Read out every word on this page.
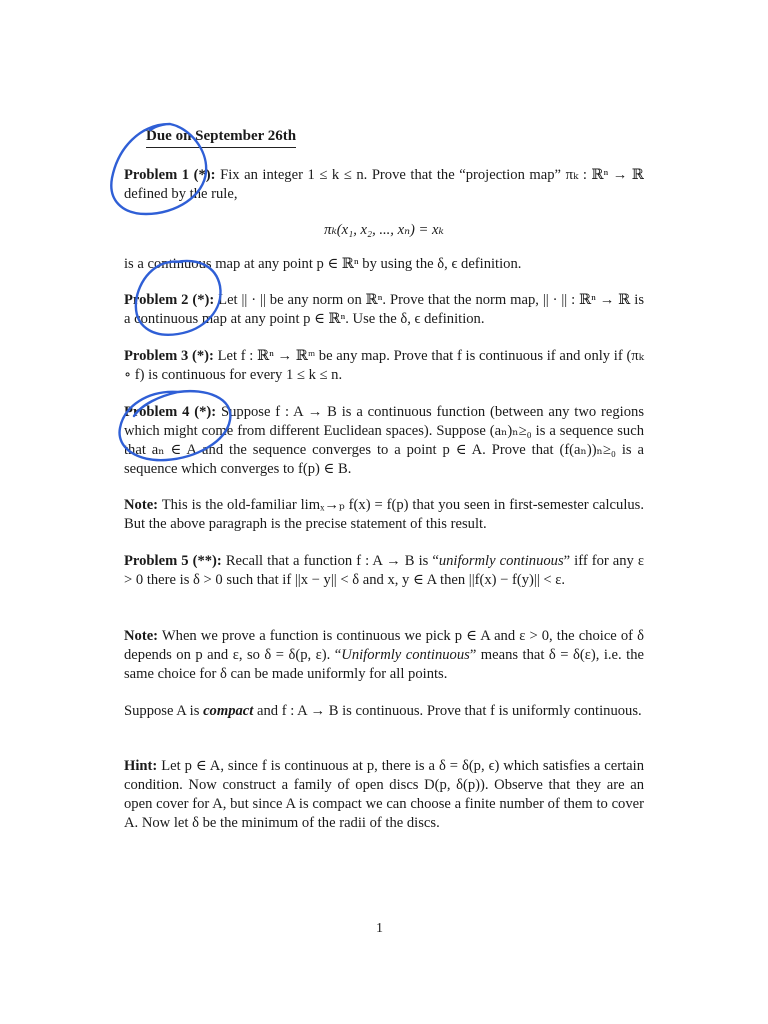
Due on September 26th

Problem 1 (*): Fix an integer 1 ≤ k ≤ n. Prove that the “projection map” πₖ : ℝⁿ → ℝ defined by the rule,

πₖ(x₁, x₂, ..., xₙ) = xₖ

is a continuous map at any point p ∈ ℝⁿ by using the δ, ϵ definition.

Problem 2 (*): Let || · || be any norm on ℝⁿ. Prove that the norm map, || · || : ℝⁿ → ℝ is a continuous map at any point p ∈ ℝⁿ. Use the δ, ϵ definition.

Problem 3 (*): Let f : ℝⁿ → ℝᵐ be any map. Prove that f is continuous if and only if (πₖ ∘ f) is continuous for every 1 ≤ k ≤ n.

Problem 4 (*): Suppose f : A → B is a continuous function (between any two regions which might come from different Euclidean spaces). Suppose (aₙ)ₙ≥₀ is a sequence such that aₙ ∈ A and the sequence converges to a point p ∈ A. Prove that (f(aₙ))ₙ≥₀ is a sequence which converges to f(p) ∈ B.

Note: This is the old-familiar limₓ→ₚ f(x) = f(p) that you seen in first-semester calculus. But the above paragraph is the precise statement of this result.

Problem 5 (**): Recall that a function f : A → B is “uniformly continuous” iff for any ε > 0 there is δ > 0 such that if ||x − y|| < δ and x, y ∈ A then ||f(x) − f(y)|| < ε.

Note: When we prove a function is continuous we pick p ∈ A and ε > 0, the choice of δ depends on p and ε, so δ = δ(p, ε). “Uniformly continuous” means that δ = δ(ε), i.e. the same choice for δ can be made uniformly for all points.

Suppose A is compact and f : A → B is continuous. Prove that f is uniformly continuous.

Hint: Let p ∈ A, since f is continuous at p, there is a δ = δ(p, ϵ) which satisfies a certain condition. Now construct a family of open discs D(p, δ(p)). Observe that they are an open cover for A, but since A is compact we can choose a finite number of them to cover A. Now let δ be the minimum of the radii of the discs.

1
